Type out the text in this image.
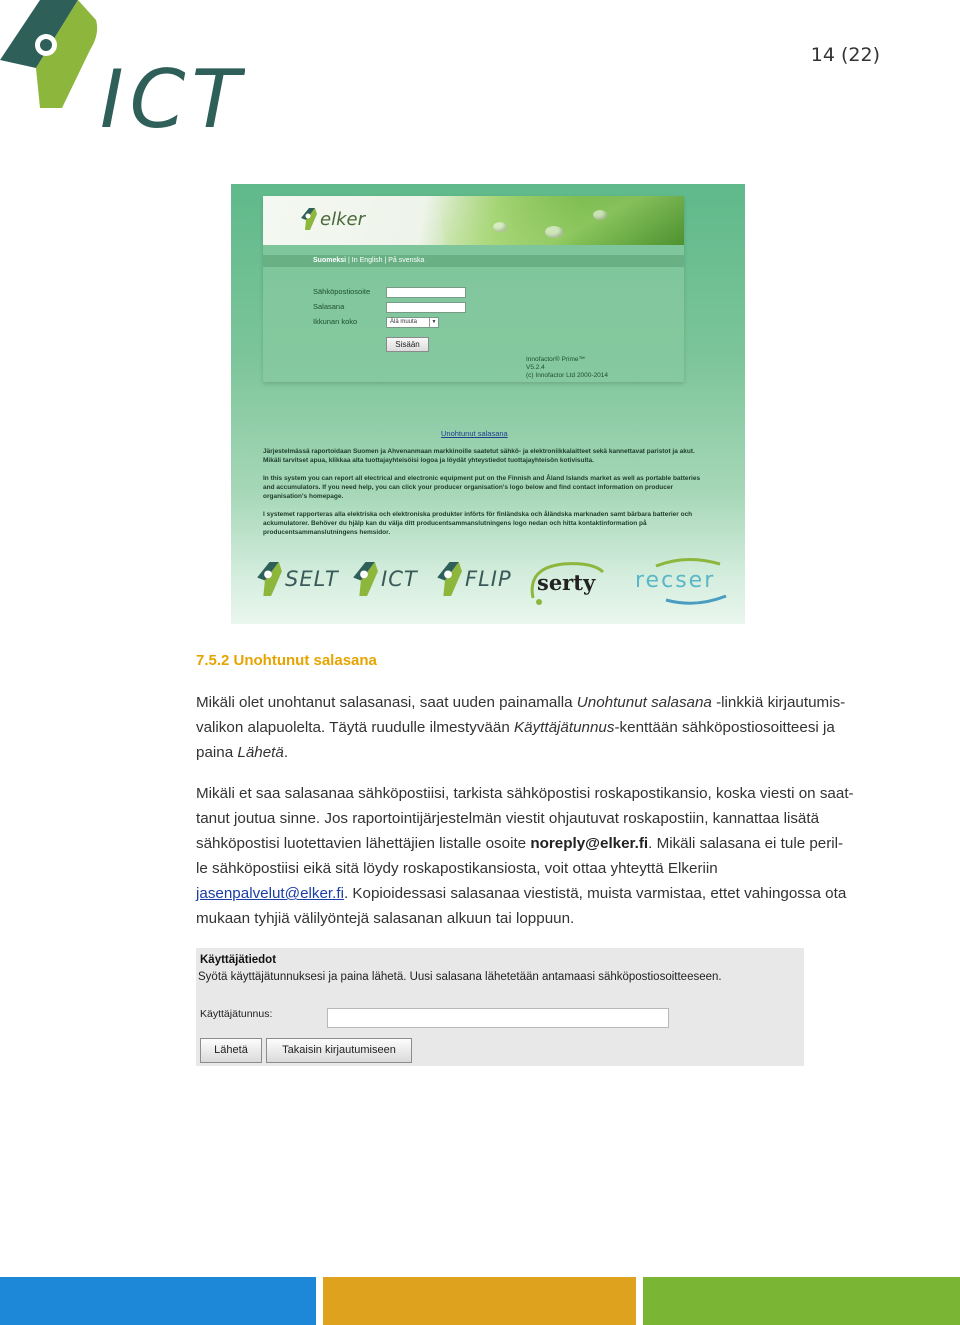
ICT	14 (22)
elker
Suomeksi | In English | På svenska
Sähköpostiosoite
Salasana
Ikkunan koko	Älä muuta	▼
Sisään
Innofactor® Prime™
V5.2.4
(c) Innofactor Ltd 2000-2014
Unohtunut salasana
Järjestelmässä raportoidaan Suomen ja Ahvenanmaan markkinoille saatetut sähkö- ja elektroniikkalaitteet sekä kannettavat paristot ja akut. Mikäli tarvitset apua, klikkaa alta tuottajayhteisöisi logoa ja löydät yhteystiedot tuottajayhteisön kotivisulta.
In this system you can report all electrical and electronic equipment put on the Finnish and Åland Islands market as well as portable batteries and accumulators. If you need help, you can click your producer organisation's logo below and find contact information on producer organisation's homepage.
I systemet rapporteras alla elektriska och elektroniska produkter införts för finländska och åländska marknaden samt bärbara batterier och ackumulatorer. Behöver du hjälp kan du välja ditt producentsammanslutningens logo nedan och hitta kontaktinformation på producentsammanslutningens hemsidor.
SELT ICT FLIP serty recser
7.5.2 Unohtunut salasana
Mikäli olet unohtanut salasanasi, saat uuden painamalla Unohtunut salasana -linkkiä kirjautumis-
valikon alapuolelta. Täytä ruudulle ilmestyvään Käyttäjätunnus-kenttään sähköpostiosoitteesi ja
paina Lähetä.
Mikäli et saa salasanaa sähköpostiisi, tarkista sähköpostisi roskapostikansio, koska viesti on saat-
tanut joutua sinne. Jos raportointijärjestelmän viestit ohjautuvat roskapostiin, kannattaa lisätä
sähköpostisi luotettavien lähettäjien listalle osoite noreply@elker.fi. Mikäli salasana ei tule peril-
le sähköpostiisi eikä sitä löydy roskapostikansiosta, voit ottaa yhteyttä Elkeriin
jasenpalvelut@elker.fi. Kopioidessasi salasanaa viestistä, muista varmistaa, ettet vahingossa ota
mukaan tyhjiä välilyöntejä salasanan alkuun tai loppuun.
Käyttäjätiedot
Syötä käyttäjätunnuksesi ja paina lähetä. Uusi salasana lähetetään antamaasi sähköpostiosoitteeseen.
Käyttäjätunnus:
Lähetä	Takaisin kirjautumiseen
